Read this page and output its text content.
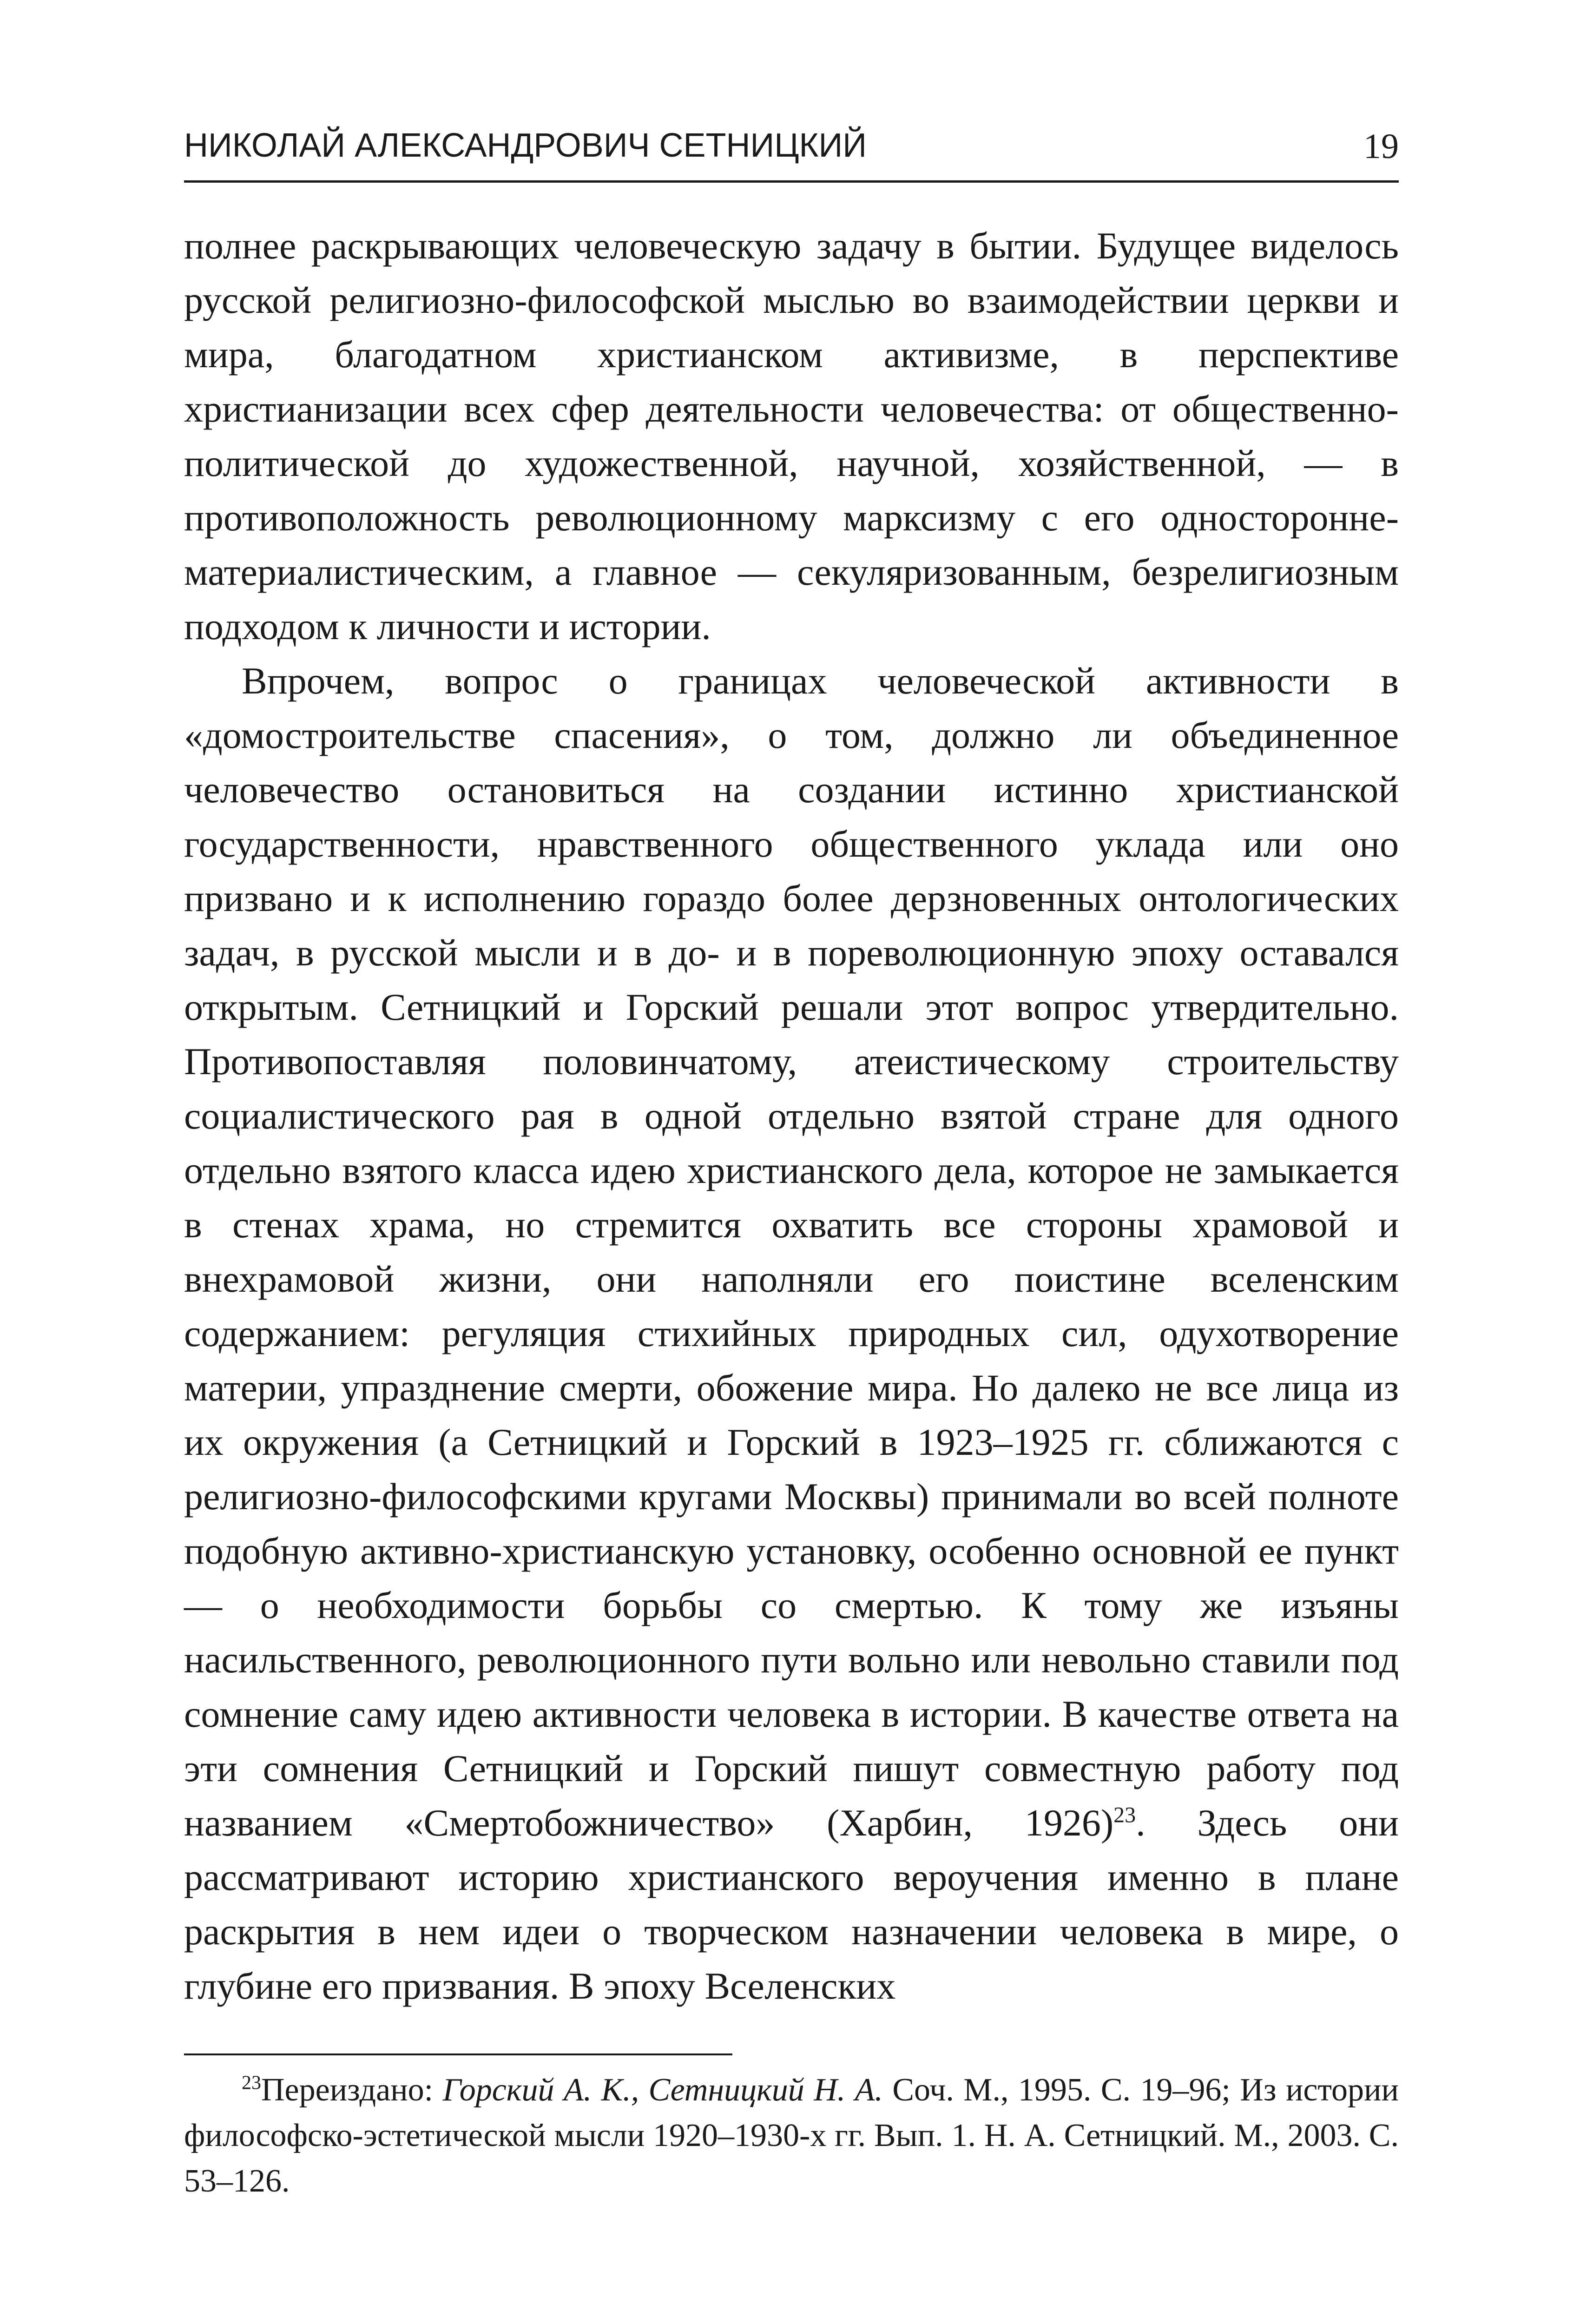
НИКОЛАЙ АЛЕКСАНДРОВИЧ СЕТНИЦКИЙ	19

полнее раскрывающих человеческую задачу в бытии. Будущее виделось русской религиозно-философской мыслью во взаимодействии церкви и мира, благодатном христианском активизме, в перспективе христианизации всех сфер деятельности человечества: от общественно-политической до художественной, научной, хозяйственной, — в противоположность революционному марксизму с его односторонне-материалистическим, а главное — секуляризованным, безрелигиозным подходом к личности и истории.

Впрочем, вопрос о границах человеческой активности в «домостроительстве спасения», о том, должно ли объединенное человечество остановиться на создании истинно христианской государственности, нравственного общественного уклада или оно призвано и к исполнению гораздо более дерзновенных онтологических задач, в русской мысли и в до- и в пореволюционную эпоху оставался открытым. Сетницкий и Горский решали этот вопрос утвердительно. Противопоставляя половинчатому, атеистическому строительству социалистического рая в одной отдельно взятой стране для одного отдельно взятого класса идею христианского дела, которое не замыкается в стенах храма, но стремится охватить все стороны храмовой и внехрамовой жизни, они наполняли его поистине вселенским содержанием: регуляция стихийных природных сил, одухотворение материи, упразднение смерти, обожение мира. Но далеко не все лица из их окружения (а Сетницкий и Горский в 1923–1925 гг. сближаются с религиозно-философскими кругами Москвы) принимали во всей полноте подобную активно-христианскую установку, особенно основной ее пункт — о необходимости борьбы со смертью. К тому же изъяны насильственного, революционного пути вольно или невольно ставили под сомнение саму идею активности человека в истории. В качестве ответа на эти сомнения Сетницкий и Горский пишут совместную работу под названием «Смертобожничество» (Харбин, 1926)$^{23}$. Здесь они рассматривают историю христианского вероучения именно в плане раскрытия в нем идеи о творческом назначении человека в мире, о глубине его призвания. В эпоху Вселенских

$^{23}$Переиздано: Горский А. К., Сетницкий Н. А. Соч. М., 1995. С. 19–96; Из истории философско-эстетической мысли 1920–1930-х гг. Вып. 1. Н. А. Сетницкий. М., 2003. С. 53–126.
